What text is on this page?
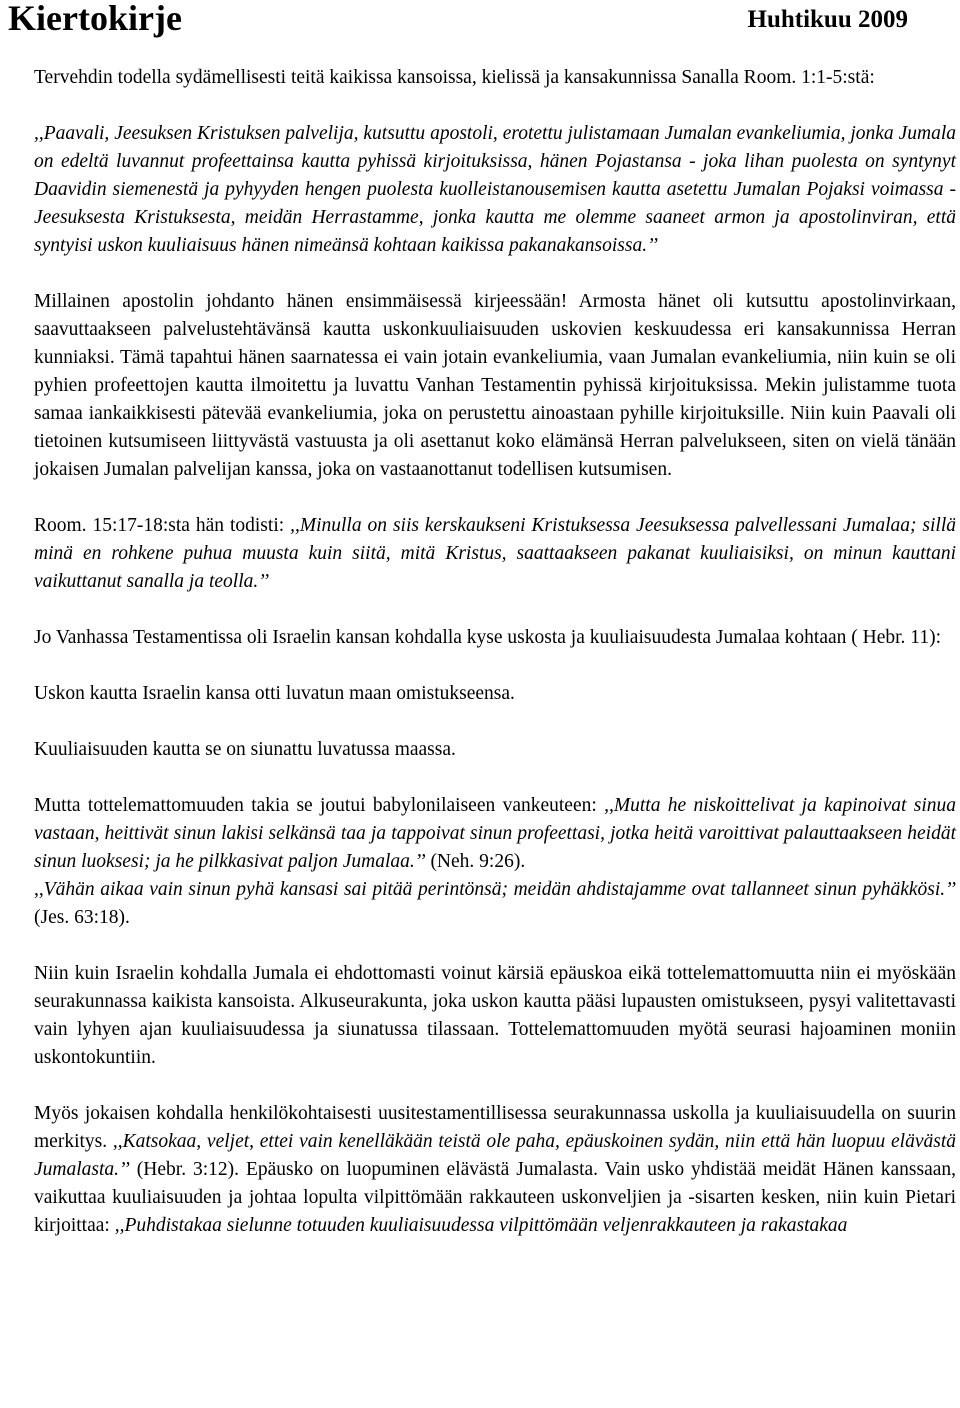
Kiertokirje	Huhtikuu 2009

Tervehdin todella sydämellisesti teitä kaikissa kansoissa, kielissä ja kansakunnissa Sanalla Room. 1:1-5:stä:

,,Paavali, Jeesuksen Kristuksen palvelija, kutsuttu apostoli, erotettu julistamaan Jumalan evankeliumia, jonka Jumala on edeltä luvannut profeettainsa kautta pyhissä kirjoituksissa, hänen Pojastansa - joka lihan puolesta on syntynyt Daavidin siemenestä ja pyhyyden hengen puolesta kuolleistanousemisen kautta asetettu Jumalan Pojaksi voimassa - Jeesuksesta Kristuksesta, meidän Herrastamme, jonka kautta me olemme saaneet armon ja apostolinviran, että syntyisi uskon kuuliaisuus hänen nimeänsä kohtaan kaikissa pakanakansoissa.’’

Millainen apostolin johdanto hänen ensimmäisessä kirjeessään! Armosta hänet oli kutsuttu apostolinvirkaan, saavuttaakseen palvelustehtävänsä kautta uskonkuuliaisuuden uskovien keskuudessa eri kansakunnissa Herran kunniaksi. Tämä tapahtui hänen saarnatessa ei vain jotain evankeliumia, vaan Jumalan evankeliumia, niin kuin se oli pyhien profeettojen kautta ilmoitettu ja luvattu Vanhan Testamentin pyhissä kirjoituksissa. Mekin julistamme tuota samaa iankaikkisesti pätevää evankeliumia, joka on perustettu ainoastaan pyhille kirjoituksille. Niin kuin Paavali oli tietoinen kutsumiseen liittyvästä vastuusta ja oli asettanut koko elämänsä Herran palvelukseen, siten on vielä tänään jokaisen Jumalan palvelijan kanssa, joka on vastaanottanut todellisen kutsumisen.

Room. 15:17-18:sta hän todisti: ,,Minulla on siis kerskaukseni Kristuksessa Jeesuksessa palvellessani Jumalaa; sillä minä en rohkene puhua muusta kuin siitä, mitä Kristus, saattaakseen pakanat kuuliaisiksi, on minun kauttani vaikuttanut sanalla ja teolla.’’

Jo Vanhassa Testamentissa oli Israelin kansan kohdalla kyse uskosta ja kuuliaisuudesta Jumalaa kohtaan ( Hebr. 11):

Uskon kautta Israelin kansa otti luvatun maan omistukseensa.

Kuuliaisuuden kautta se on siunattu luvatussa maassa.

Mutta tottelemattomuuden takia se joutui babylonilaiseen vankeuteen: ,,Mutta he niskoittelivat ja kapinoivat sinua vastaan, heittivät sinun lakisi selkänsä taa ja tappoivat sinun profeettasi, jotka heitä varoittivat palauttaakseen heidät sinun luoksesi; ja he pilkkasivat paljon Jumalaa.’’ (Neh. 9:26).

,,Vähän aikaa vain sinun pyhä kansasi sai pitää perintönsä; meidän ahdistajamme ovat tallanneet sinun pyhäkkösi.’’ (Jes. 63:18).

Niin kuin Israelin kohdalla Jumala ei ehdottomasti voinut kärsiä epäuskoa eikä tottelemattomuutta niin ei myöskään seurakunnassa kaikista kansoista. Alkuseurakunta, joka uskon kautta pääsi lupausten omistukseen, pysyi valitettavasti vain lyhyen ajan kuuliaisuudessa ja siunatussa tilassaan. Tottelemattomuuden myötä seurasi hajoaminen moniin uskontokuntiin.

Myös jokaisen kohdalla henkilökohtaisesti uusitestamentillisessa seurakunnassa uskolla ja kuuliaisuudella on suurin merkitys. ,,Katsokaa, veljet, ettei vain kenelläkään teistä ole paha, epäuskoinen sydän, niin että hän luopuu elävästä Jumalasta.’’ (Hebr. 3:12). Epäusko on luopuminen elävästä Jumalasta. Vain usko yhdistää meidät Hänen kanssaan, vaikuttaa kuuliaisuuden ja johtaa lopulta vilpittömään rakkauteen uskonveljien ja -sisarten kesken, niin kuin Pietari kirjoittaa: ,,Puhdistakaa sielunne totuuden kuuliaisuudessa vilpittömään veljenrakkauteen ja rakastakaa
